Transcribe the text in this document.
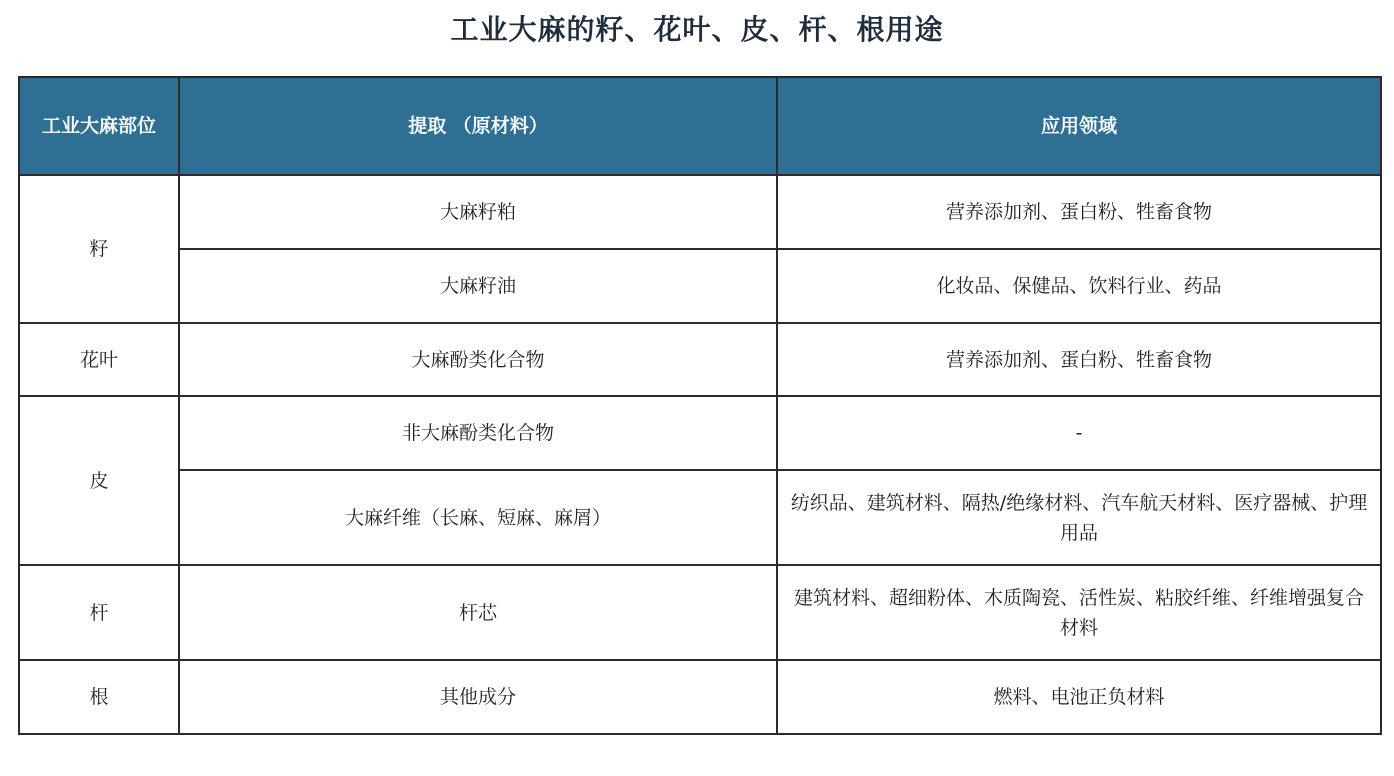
工业大麻的籽、花叶、皮、杆、根用途
工业大麻部位	提取 （原材料）	应用领域
籽	大麻籽粕	营养添加剂、蛋白粉、牲畜食物
	大麻籽油	化妆品、保健品、饮料行业、药品
花叶	大麻酚类化合物	营养添加剂、蛋白粉、牲畜食物
皮	非大麻酚类化合物	-
	大麻纤维（长麻、短麻、麻屑）	纺织品、建筑材料、隔热/绝缘材料、汽车航天材料、医疗器械、护理用品
杆	杆芯	建筑材料、超细粉体、木质陶瓷、活性炭、粘胶纤维、纤维增强复合材料
根	其他成分	燃料、电池正负材料
